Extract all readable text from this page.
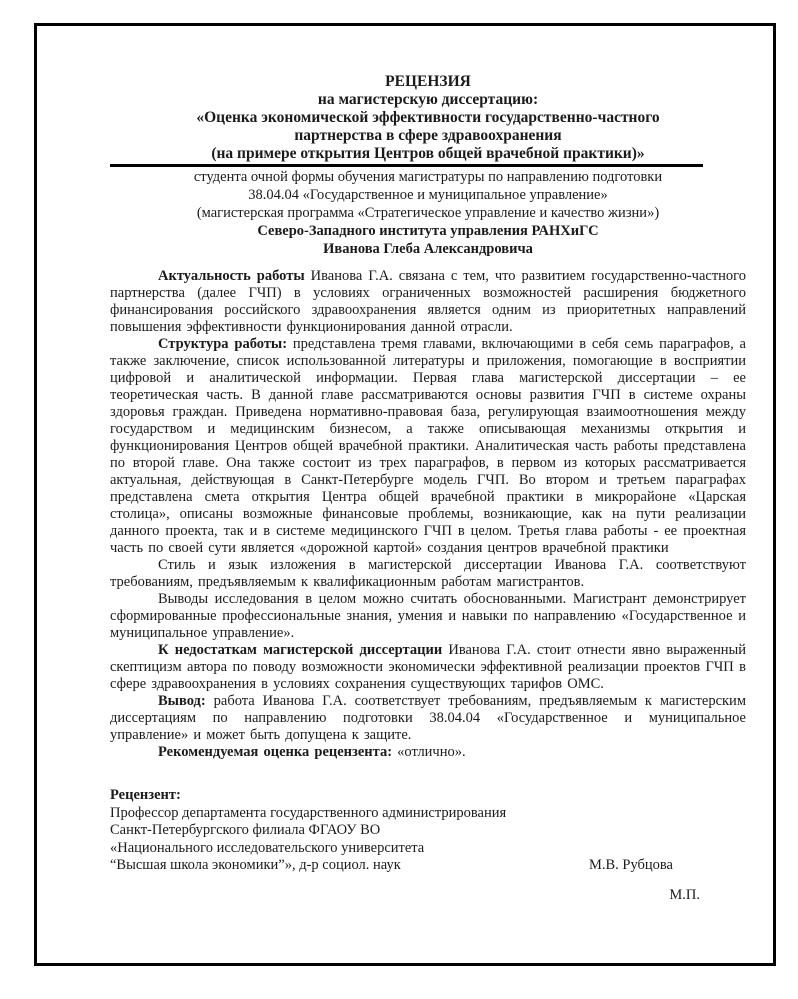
РЕЦЕНЗИЯ
на магистерскую диссертацию:
«Оценка экономической эффективности государственно-частного
партнерства в сфере здравоохранения
(на примере открытия Центров общей врачебной практики)»
студента очной формы обучения магистратуры по направлению подготовки
38.04.04 «Государственное и муниципальное управление»
(магистерская программа «Стратегическое управление и качество жизни»)
Северо-Западного института управления РАНХиГС
Иванова Глеба Александровича

Актуальность работы Иванова Г.А. связана с тем, что развитием государственно-частного партнерства (далее ГЧП) в условиях ограниченных возможностей расширения бюджетного финансирования российского здравоохранения является одним из приоритетных направлений повышения эффективности функционирования данной отрасли.

Структура работы: представлена тремя главами, включающими в себя семь параграфов, а также заключение, список использованной литературы и приложения, помогающие в восприятии цифровой и аналитической информации. Первая глава магистерской диссертации – ее теоретическая часть. В данной главе рассматриваются основы развития ГЧП в системе охраны здоровья граждан. Приведена нормативно-правовая база, регулирующая взаимоотношения между государством и медицинским бизнесом, а также описывающая механизмы открытия и функционирования Центров общей врачебной практики. Аналитическая часть работы представлена по второй главе. Она также состоит из трех параграфов, в первом из которых рассматривается актуальная, действующая в Санкт-Петербурге модель ГЧП. Во втором и третьем параграфах представлена смета открытия Центра общей врачебной практики в микрорайоне «Царская столица», описаны возможные финансовые проблемы, возникающие, как на пути реализации данного проекта, так и в системе медицинского ГЧП в целом. Третья глава работы - ее проектная часть по своей сути является «дорожной картой» создания центров врачебной практики

Стиль и язык изложения в магистерской диссертации Иванова Г.А. соответствуют требованиям, предъявляемым к квалификационным работам магистрантов.

Выводы исследования в целом можно считать обоснованными. Магистрант демонстрирует сформированные профессиональные знания, умения и навыки по направлению «Государственное и муниципальное управление».

К недостаткам магистерской диссертации Иванова Г.А. стоит отнести явно выраженный скептицизм автора по поводу возможности экономически эффективной реализации проектов ГЧП в сфере здравоохранения в условиях сохранения существующих тарифов ОМС.

Вывод: работа Иванова Г.А. соответствует требованиям, предъявляемым к магистерским диссертациям по направлению подготовки 38.04.04 «Государственное и муниципальное управление» и может быть допущена к защите.

Рекомендуемая оценка рецензента: «отлично».

Рецензент:
Профессор департамента государственного администрирования
Санкт-Петербургского филиала ФГАОУ ВО
«Национального исследовательского университета
“Высшая школа экономики”», д-р социол. наук	М.В. Рубцова
М.П.
